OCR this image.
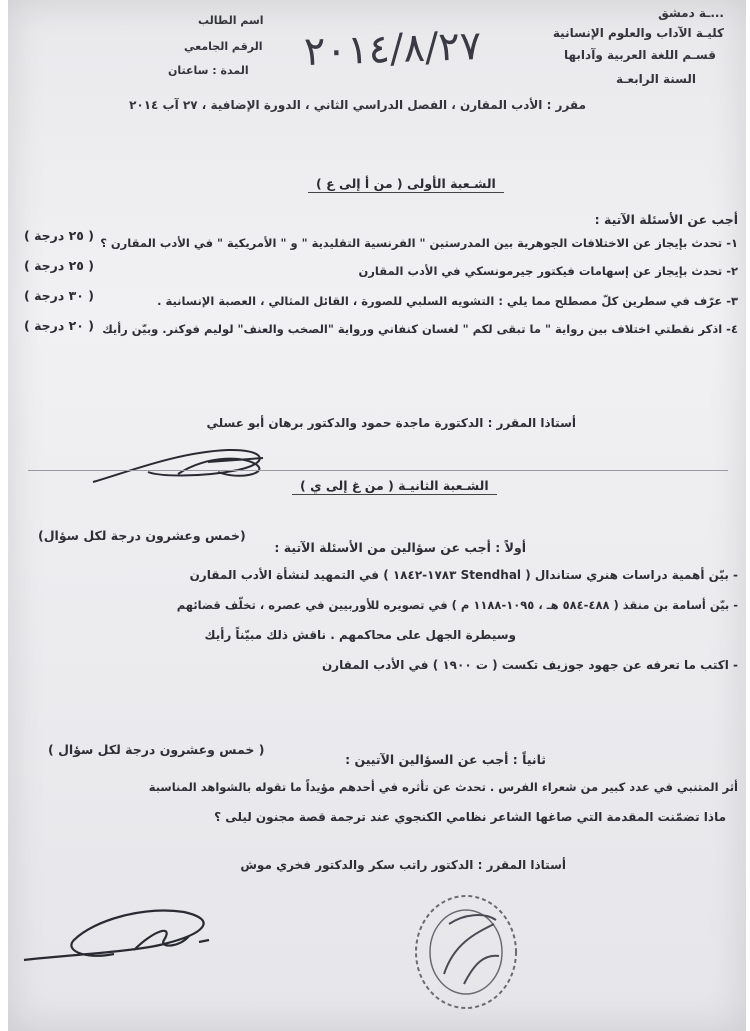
...ـة دمشق
كليـة الآداب والعلوم الإنسانية
قسـم اللغة العربية وآدابها
السنة الرابعـة
اسم الطالب
الرقم الجامعي
المدة : ساعتان ٢٠١٤/٨/٢٧
مقرر : الأدب المقارن ، الفصل الدراسي الثاني ، الدورة الإضافية ، ٢٧ آب ٢٠١٤
الشـعبة الأولى ( من أ إلى ع )
أجب عن الأسئلة الآتية :
١- تحدث بإيجاز عن الاختلافات الجوهرية بين المدرستين " الفرنسية التقليدية " و " الأمريكية " في الأدب المقارن ؟
٢- تحدث بإيجاز عن إسهامات فيكتور جيرمونسكي في الأدب المقارن
٣- عرّف في سطرين كلّ مصطلح مما يلي : التشويه السلبي للصورة ، القائل المثالي ، العصبة الإنسانية .
٤- اذكر نقطتي اختلاف بين رواية " ما تبقى لكم " لغسان كنفاني ورواية "الصخب والعنف" لوليم فوكنر. وبيّن رأيك
( ٢٥ درجة )
( ٢٥ درجة )
( ٣٠ درجة )
( ٢٠ درجة )
أستاذا المقرر : الدكتورة ماجدة حمود والدكتور برهان أبو عسلي
الشـعبة الثانيـة ( من غ إلى ي )
أولاً : أجب عن سؤالين من الأسئلة الآتية :
(خمس وعشرون درجة لكل سؤال)
- بيّن أهمية دراسات هنري ستاندال ( Stendhal ١٧٨٣-١٨٤٢ ) في التمهيد لنشأة الأدب المقارن
- بيّن أسامة بن منقذ ( ٤٨٨-٥٨٤ هـ ، ١٠٩٥-١١٨٨ م ) في تصويره للأوربيين في عصره ، تخلّف قضائهم
وسيطرة الجهل على محاكمهم . ناقش ذلك مبيّناً رأيك
- اكتب ما تعرفه عن جهود جوزيف تكست ( ت ١٩٠٠ ) في الأدب المقارن
ثانياً : أجب عن السؤالين الآتيين :
( خمس وعشرون درجة لكل سؤال )
أثر المتنبي في عدد كبير من شعراء الفرس . تحدث عن تأثره في أحدهم مؤيداً ما تقوله بالشواهد المناسبة
ماذا تضمّنت المقدمة التي صاغها الشاعر نظامي الكنجوي عند ترجمة قصة مجنون ليلى ؟
أستاذا المقرر : الدكتور راتب سكر والدكتور فخري موش
